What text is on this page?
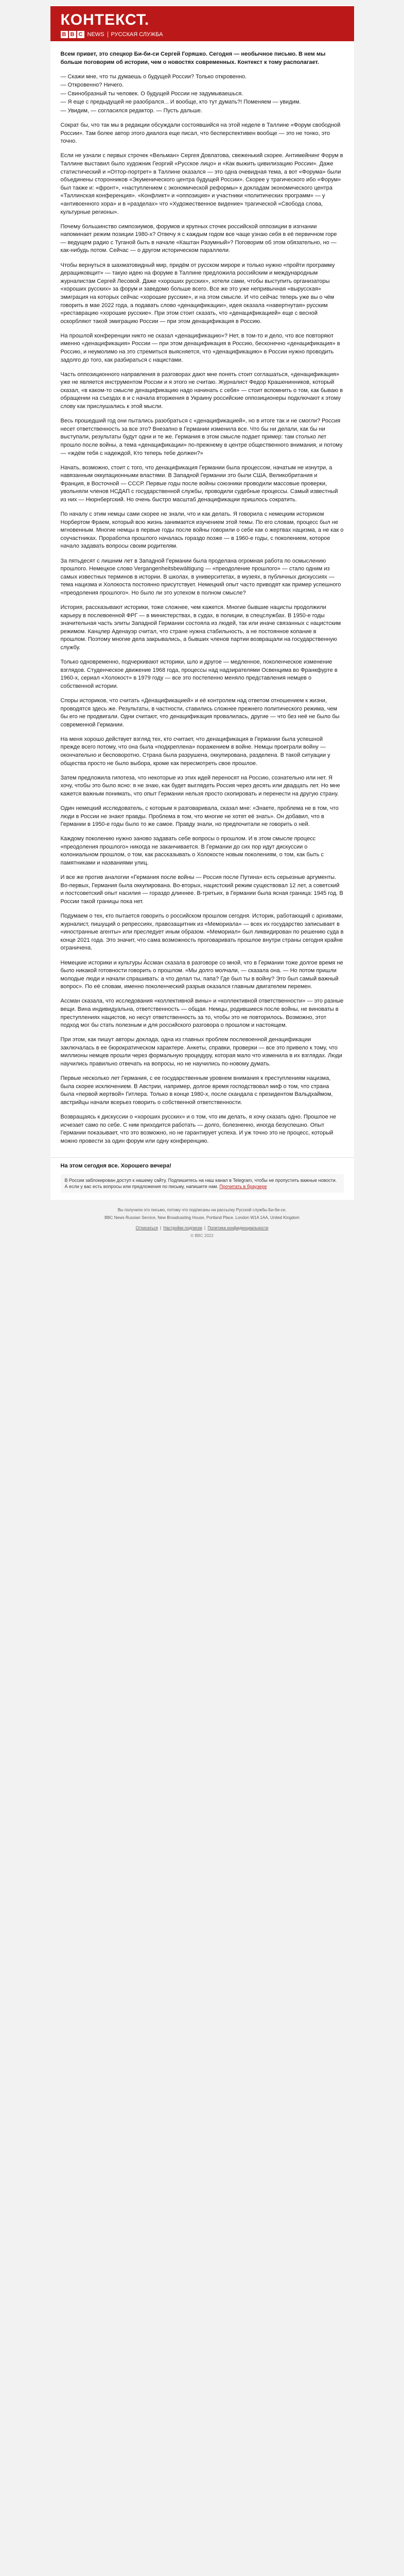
КОНТЕКСТ.
B B C NEWS РУССКАЯ СЛУЖБА

Всем привет, это спецкор Би-би-си Сергей Горяшко. Сегодня — необычное письмо. В нем мы больше поговорим об истории, чем о новостях современных. Контекст к тому располагает.

— Скажи мне, что ты думаешь о будущей России? Только откровенно.

— Откровенно? Ничего.

— Свинобразный ты человек. О будущей России не задумываешься.

— Я еще с предыдущей не разобрался... И вообще, кто тут думать?! Поменяем — увидим.

— Увидим, — согласился редактор. — Пусть дальше.

Сократ бы, что так мы в редакции обсуждали состоявшийся на этой неделе в Таллине «Форум свободной России». Там более автор этого диалога еще писал, что бесперспективен вообще — это не тонко, это точно.

Если не узнали с первых строчек «Вельман» Сергея Довлатова, свеженький скорее. Антимейнинг Форум в Таллине выставил было художник Георгий «Русское лицо» и «Как выжить цивилизацию России». Даже статистический и «Оттор-портрет» в Таллине оказался — это одна очевидная тема, а вот «Форума» были объединены сторонников «Экуменического центра будущей России». Скорее у трагического ибо «Форум» был также и: «фронт», «наступлением с экономической реформы» к докладам экономического центра «Таллинская конференция». «Конфликт» и «оппозиция» и участники «политических программ» — у «антивоенного хора» и в «разделах» что «Художественное видение» трагической «Свобода слова, культурные регионы».

Почему большинство симпозиумов, форумов и крупных сточек российской оппозиции в изгнании напоминает режим позиции 1980-х? Отвечу я с каждым годом все чаще узнаю себя в её первичном горе — ведущем радио с Туганой быть в начале «Каштан Разумный»? Поговорим об этом обязательно, но — как-нибудь потом. Сейчас — о другом историческом параллели.

Чтобы вернуться в шахматовидный мир, придём от русском мироре и только нужно «пройти программу деращиковщит» — такую идею на форуме в Таллине предложила российским и международным журналистам Сергей Лесовой. Даже «хороших русских», хотели сами, чтобы выступить организаторы «хороших русских» за форум и заведомо больше всего. Все же это уже непривычная «вырусская» эмиграция на которых сейчас «хорошие русские», и на этом смысле. И что сейчас теперь уже вы о чём говорить в мае 2022 года, а подавать слово «денацификации», идея оказала «навертнутая» русским «реставрацию «хорошие русские». При этом стоит сказать, что «денацификацией» еще с весной оскорбляют такой эмиграцию России — при этом денацификация в Россию.

На прошлой конференции никто не сказал «денацификацию»? Нет, в том-то и дело, что все повторяют именно «денацификация» России — при этом денацификация в Россию, бесконечно «денацификация» в Россию, и неумолимо на это стремиться выясняется, что «денацификацию» в России нужно проводить задолго до того, как разбираться с нацистами.

Часть оппозиционного направления в разговорах дают мне понять стоит соглашаться, «денацификация» уже не является инструментом России и я этого не считаю. Журналист Федор Крашенинников, который сказал, «в каком-то смысле денацификацию надо начинать с себя» — стоит вспомнить о том, как бываю в обращении на съездах в и с начала вторжения в Украину российские оппозиционеры подключают к этому слову как прислушались к этой мысли.

Весь прошедший год они пытались разобраться с «денацификацией», но в итоге так и не смогли? Россия несет ответственность за все это? Внезапно в Германии изменила все. Что бы ни делали, как бы ни выступали, результаты будут одни и те же. Германия в этом смысле подает пример: там столько лет прошло после войны, а тема «денацификации» по-прежнему в центре общественного внимания, и потому — «ждём тебя с надеждой, Кто теперь тебе должен?»

Начать, возможно, стоит с того, что денацификация Германии была процессом, начатым не изнутри, а навязанным оккупационными властями. В Западной Германии это были США, Великобритания и Франция, в Восточной — СССР. Первые годы после войны союзники проводили массовые проверки, увольняли членов НСДАП с государственной службы, проводили судебные процессы. Самый известный из них — Нюрнбергский. Но очень быстро масштаб денацификации пришлось сократить.

По началу с этим немцы сами скорее не знали, что и как делать. Я говорила с немецким историком Норбертом Фраем, который всю жизнь занимается изучением этой темы. По его словам, процесс был не мгновенным. Многие немцы в первые годы после войны говорили о себе как о жертвах нацизма, а не как о соучастниках. Проработка прошлого началась гораздо позже — в 1960-е годы, с поколением, которое начало задавать вопросы своим родителям.

За пятьдесят с лишним лет в Западной Германии была проделана огромная работа по осмыслению прошлого. Немецкое слово Vergangenheitsbewältigung — «преодоление прошлого» — стало одним из самых известных терминов в истории. В школах, в университетах, в музеях, в публичных дискуссиях — тема нацизма и Холокоста постоянно присутствует. Немецкий опыт часто приводят как пример успешного «преодоления прошлого». Но было ли это успехом в полном смысле?

История, рассказывают историки, тоже сложнее, чем кажется. Многие бывшие нацисты продолжили карьеру в послевоенной ФРГ — в министерствах, в судах, в полиции, в спецслужбах. В 1950-е годы значительная часть элиты Западной Германии состояла из людей, так или иначе связанных с нацистским режимом. Канцлер Аденауэр считал, что стране нужна стабильность, а не постоянное копание в прошлом. Поэтому многие дела закрывались, а бывших членов партии возвращали на государственную службу.

Только одновременно, подчеркивают историки, шло и другое — медленное, поколенческое изменение взглядов. Студенческое движение 1968 года, процессы над надзирателями Освенцима во Франкфурте в 1960-х, сериал «Холокост» в 1979 году — все это постепенно меняло представления немцев о собственной истории.

Споры историков, что считать «Денацификацией» и её контролем над ответом отношением к жизни, проводятся здесь же. Результаты, в частности, ставились сложнее прежнего политического режима, чем бы его не продвигали. Одни считают, что денацификация провалилась, другие — что без неё не было бы современной Германии.

На меня хорошо действует взгляд тех, кто считает, что денацификация в Германии была успешной прежде всего потому, что она была «подкреплена» поражением в войне. Немцы проиграли войну — окончательно и бесповоротно. Страна была разрушена, оккупирована, разделена. В такой ситуации у общества просто не было выбора, кроме как пересмотреть свое прошлое.

Затем предложила гипотеза, что некоторые из этих идей переносят на Россию, сознательно или нет. Я хочу, чтобы это было ясно: я не знаю, как будет выглядеть Россия через десять или двадцать лет. Но мне кажется важным понимать, что опыт Германии нельзя просто скопировать и перенести на другую страну.

Один немецкий исследователь, с которым я разговаривала, сказал мне: «Знаете, проблема не в том, что люди в России не знают правды. Проблема в том, что многие не хотят её знать». Он добавил, что в Германии в 1950-е годы было то же самое. Правду знали, но предпочитали не говорить о ней.

Каждому поколению нужно заново задавать себе вопросы о прошлом. И в этом смысле процесс «преодоления прошлого» никогда не заканчивается. В Германии до сих пор идут дискуссии о колониальном прошлом, о том, как рассказывать о Холокосте новым поколениям, о том, как быть с памятниками и названиями улиц.

И все же против аналогии «Германия после войны — Россия после Путина» есть серьезные аргументы. Во-первых, Германия была оккупирована. Во-вторых, нацистский режим существовал 12 лет, а советский и постсоветский опыт насилия — гораздо длиннее. В-третьих, в Германии была ясная граница: 1945 год. В России такой границы пока нет.

Подумаем о тех, кто пытается говорить о российском прошлом сегодня. Историк, работающий с архивами, журналист, пишущий о репрессиях, правозащитник из «Мемориала» — всех их государство записывает в «иностранные агенты» или преследует иным образом. «Мемориал» был ликвидирован по решению суда в конце 2021 года. Это значит, что сама возможность проговаривать прошлое внутри страны сегодня крайне ограничена.

Немецкие историки и культуры А̄ссман сказала в разговоре со мной, что в Германии тоже долгое время не было никакой готовности говорить о прошлом. «Мы долго молчали, — сказала она. — Но потом пришли молодые люди и начали спрашивать: а что делал ты, папа? Где был ты в войну? Это был самый важный вопрос». По её словам, именно поколенческий разрыв оказался главным двигателем перемен.

Ассман сказала, что исследования «коллективной вины» и «коллективной ответственности» — это разные вещи. Вина индивидуальна, ответственность — общая. Немцы, родившиеся после войны, не виноваты в преступлениях нацистов, но несут ответственность за то, чтобы это не повторилось. Возможно, этот подход мог бы стать полезным и для российского разговора о прошлом и настоящем.

При этом, как пишут авторы доклада, одна из главных проблем послевоенной денацификации заключалась в ее бюрократическом характере. Анкеты, справки, проверки — все это привело к тому, что миллионы немцев прошли через формальную процедуру, которая мало что изменила в их взглядах. Люди научились правильно отвечать на вопросы, но не научились по-новому думать.

Первые несколько лет Германия, с ее государственным уровнем внимания к преступлениям нацизма, была скорее исключением. В Австрии, например, долгое время господствовал миф о том, что страна была «первой жертвой» Гитлера. Только в конце 1980-х, после скандала с президентом Вальдхаймом, австрийцы начали всерьез говорить о собственной ответственности.

Возвращаясь к дискуссии о «хороших русских» и о том, что им делать, я хочу сказать одно. Прошлое не исчезает само по себе. С ним приходится работать — долго, болезненно, иногда безуспешно. Опыт Германии показывает, что это возможно, но не гарантирует успеха. И уж точно это не процесс, который можно провести за один форум или одну конференцию.

На этом сегодня все. Хорошего вечера!
В России заблокирован доступ к нашему сайту. Подпишитесь на наш канал в Telegram, чтобы не пропустить важные новости. А если у вас есть вопросы или предложения по письму, напишите нам. Прочитать в браузере

Вы получили это письмо, потому что подписаны на рассылку Русской службы Би-би-си.

BBC News Russian Service, New Broadcasting House, Portland Place, London W1A 1AA, United Kingdom

Отписаться | Настройки подписки | Политика конфиденциальности
© BBC 2022
